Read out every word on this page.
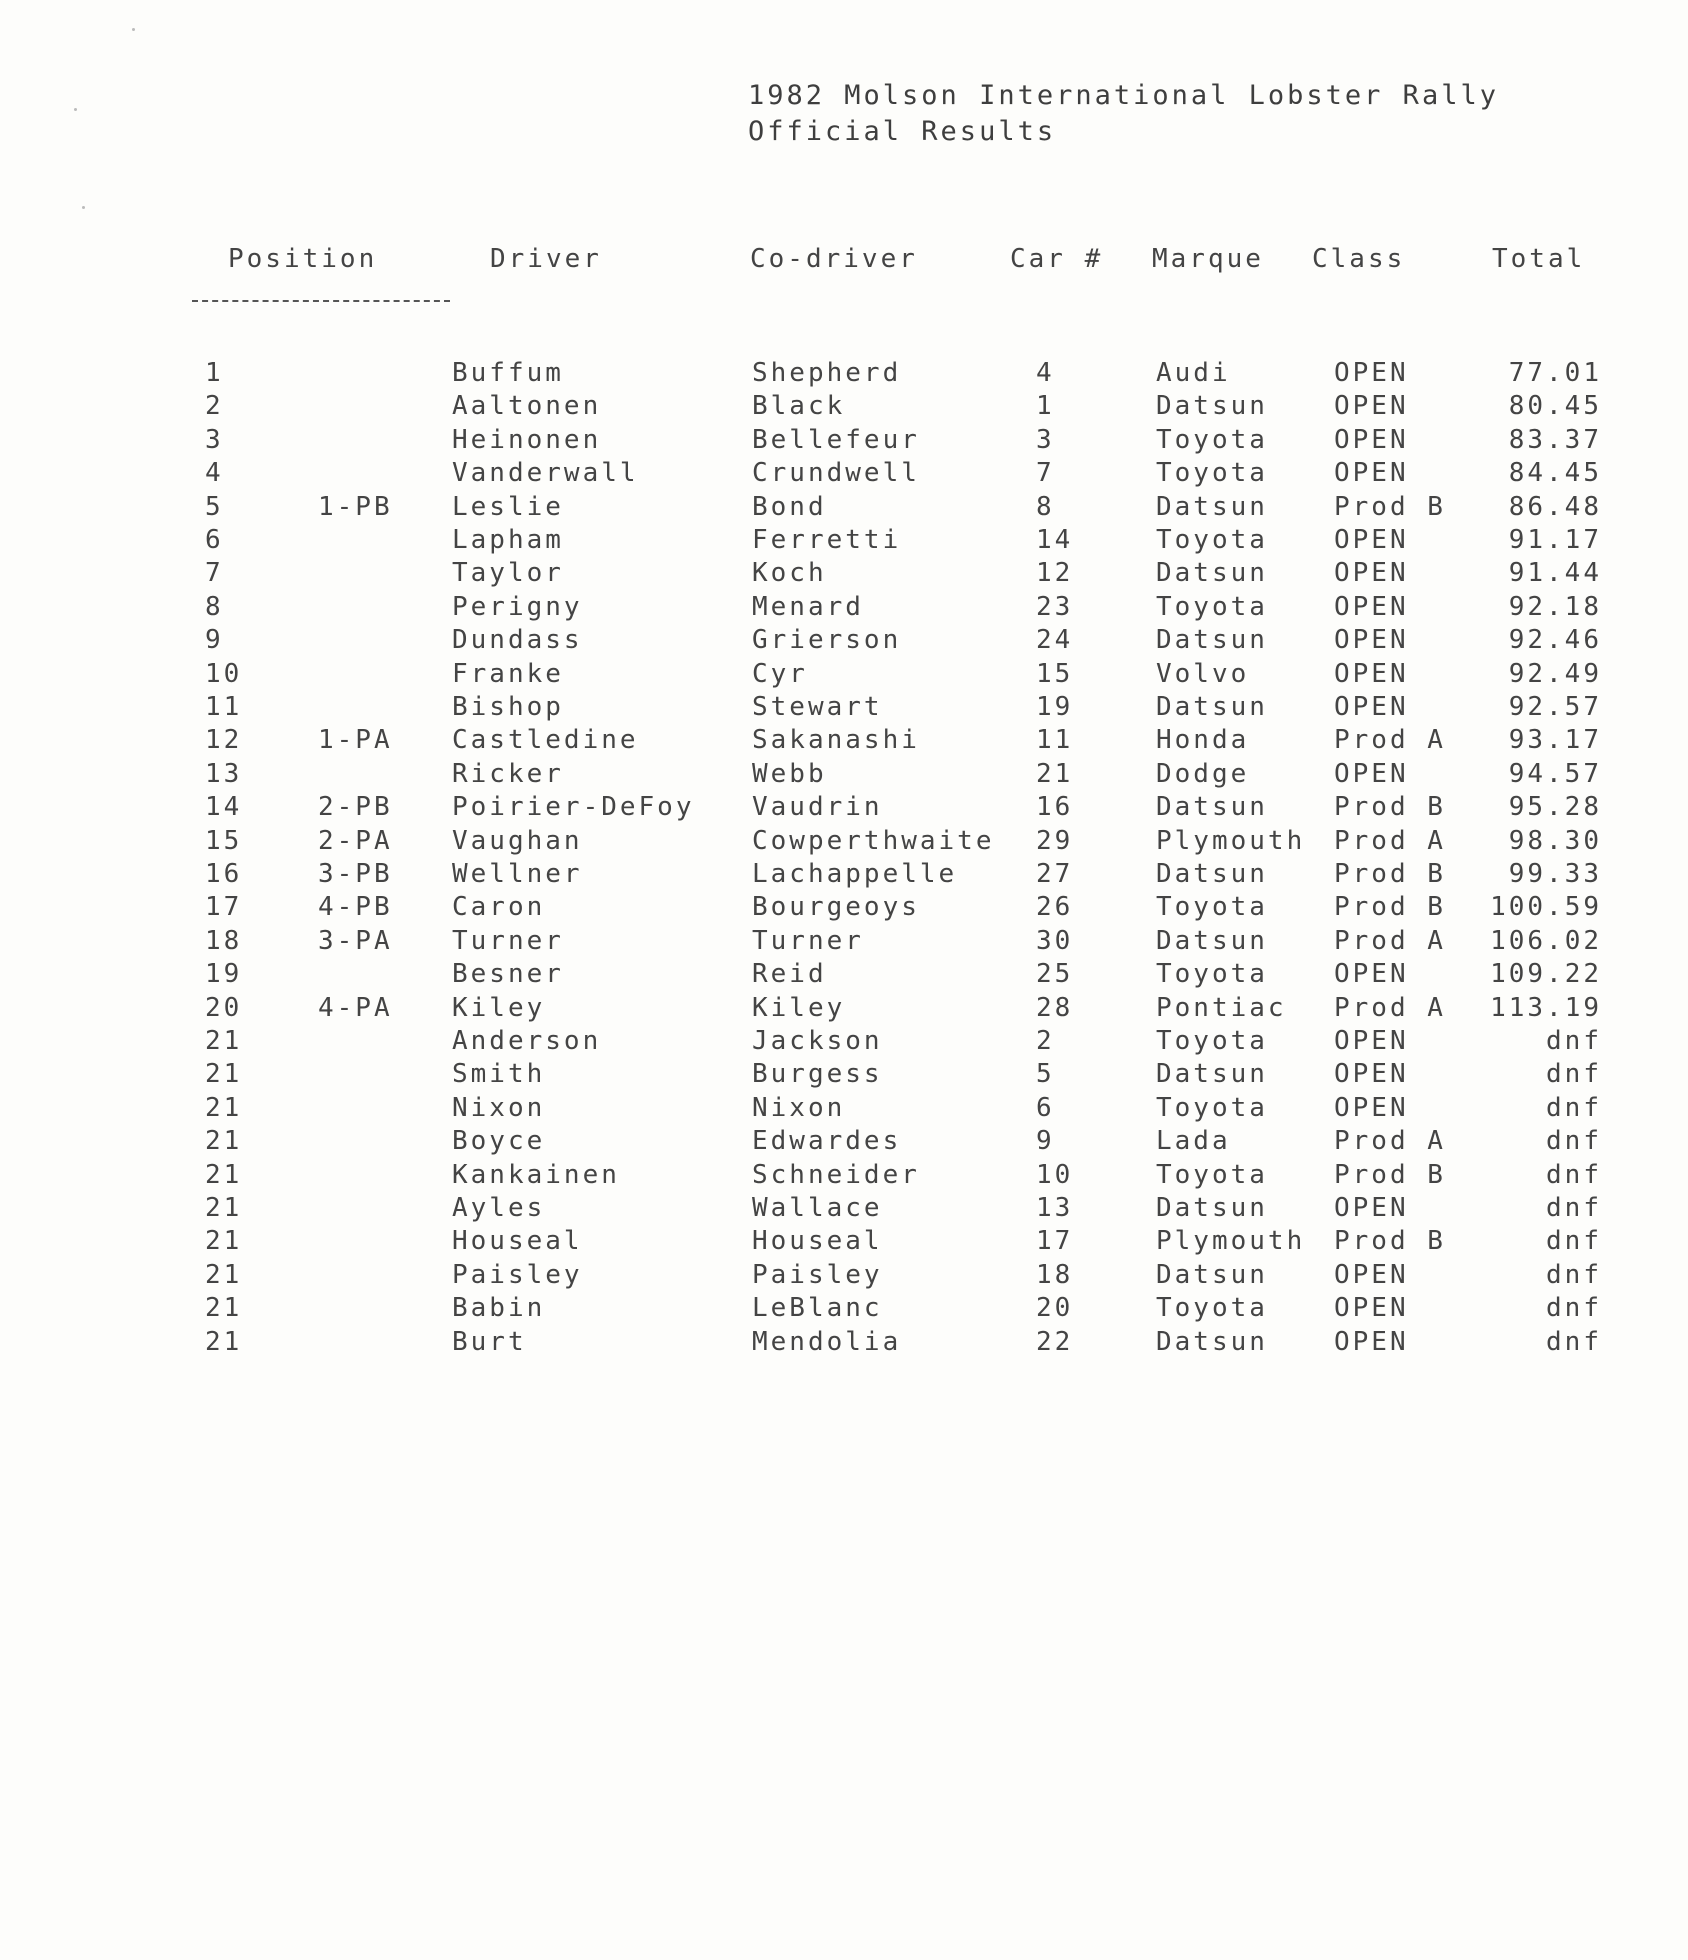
1982 Molson International Lobster Rally
Official Results
Position	Driver	Co-driver	Car # Marque Class	Total
1	Buffum	Shepherd	4	Audi	OPEN	77.01
2	Aaltonen	Black	1	Datsun	OPEN	80.45
3	Heinonen	Bellefeur	3	Toyota	OPEN	83.37
4	Vanderwall	Crundwell	7	Toyota	OPEN	84.45
5	1-PB Leslie	Bond	8	Datsun	Prod B 86.48
6	Lapham	Ferretti	14	Toyota	OPEN	91.17
7	Taylor	Koch	12	Datsun	OPEN	91.44
8	Perigny	Menard	23	Toyota	OPEN	92.18
9	Dundass	Grierson	24	Datsun	OPEN	92.46
10	Franke	Cyr	15	Volvo	OPEN	92.49
11	Bishop	Stewart	19	Datsun	OPEN	92.57
12	1-PA Castledine	Sakanashi	11	Honda	Prod A 93.17
13	Ricker	Webb	21	Dodge	OPEN	94.57
14	2-PB Poirier-DeFoy Vaudrin	16	Datsun	Prod B 95.28
15	2-PA Vaughan	Cowperthwaite 29	Plymouth Prod A 98.30
16	3-PB Wellner	Lachappelle	27	Datsun	Prod B 99.33
17	4-PB Caron	Bourgeoys	26	Toyota	Prod B 100.59
18	3-PA Turner	Turner	30	Datsun	Prod A 106.02
19	Besner	Reid	25	Toyota	OPEN	109.22
20	4-PA Kiley	Kiley	28	Pontiac Prod A 113.19
21	Anderson	Jackson	2	Toyota	OPEN	dnf
21	Smith	Burgess	5	Datsun	OPEN	dnf
21	Nixon	Nixon	6	Toyota	OPEN	dnf
21	Boyce	Edwardes	9	Lada	Prod A	dnf
21	Kankainen	Schneider	10	Toyota	Prod B	dnf
21	Ayles	Wallace	13	Datsun	OPEN	dnf
21	Houseal	Houseal	17	Plymouth Prod B	dnf
21	Paisley	Paisley	18	Datsun	OPEN	dnf
21	Babin	LeBlanc	20	Toyota	OPEN	dnf
21	Burt	Mendolia	22	Datsun	OPEN	dnf
